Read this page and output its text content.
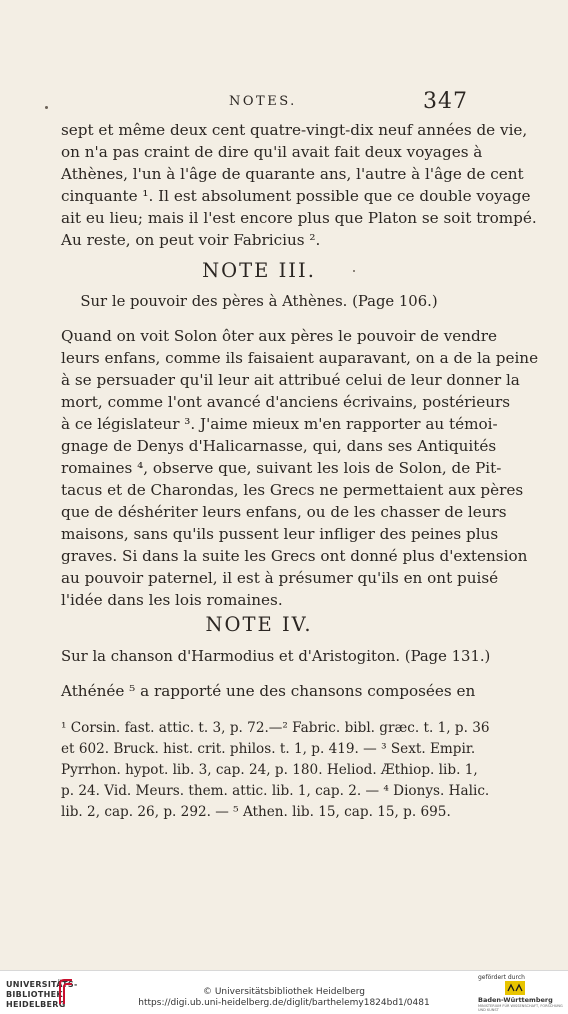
NOTES.	347
sept et même deux cent quatre-vingt-dix neuf années de vie,
on n'a pas craint de dire qu'il avait fait deux voyages à
Athènes, l'un à l'âge de quarante ans, l'autre à l'âge de cent
cinquante ¹. Il est absolument possible que ce double voyage
ait eu lieu; mais il l'est encore plus que Platon se soit trompé.
Au reste, on peut voir Fabricius ².
NOTE III.
Sur le pouvoir des pères à Athènes. (Page 106.)
Quand on voit Solon ôter aux pères le pouvoir de vendre
leurs enfans, comme ils faisaient auparavant, on a de la peine
à se persuader qu'il leur ait attribué celui de leur donner la
mort, comme l'ont avancé d'anciens écrivains, postérieurs
à ce législateur ³. J'aime mieux m'en rapporter au témoi-
gnage de Denys d'Halicarnasse, qui, dans ses Antiquités
romaines ⁴, observe que, suivant les lois de Solon, de Pit-
tacus et de Charondas, les Grecs ne permettaient aux pères
que de déshériter leurs enfans, ou de les chasser de leurs
maisons, sans qu'ils pussent leur infliger des peines plus
graves. Si dans la suite les Grecs ont donné plus d'extension
au pouvoir paternel, il est à présumer qu'ils en ont puisé
l'idée dans les lois romaines.
NOTE IV.
Sur la chanson d'Harmodius et d'Aristogiton. (Page 131.)
Athénée ⁵ a rapporté une des chansons composées en
¹ Corsin. fast. attic. t. 3, p. 72.—² Fabric. bibl. græc. t. 1, p. 36
et 602. Bruck. hist. crit. philos. t. 1, p. 419. — ³ Sext. Empir.
Pyrrhon. hypot. lib. 3, cap. 24, p. 180. Heliod. Æthiop. lib. 1,
p. 24. Vid. Meurs. them. attic. lib. 1, cap. 2. — ⁴ Dionys. Halic.
lib. 2, cap. 26, p. 292. — ⁵ Athen. lib. 15, cap. 15, p. 695.
UNIVERSITÄTS-
BIBLIOTHEK
HEIDELBERG
© Universitätsbibliothek Heidelberg
https://digi.ub.uni-heidelberg.de/diglit/barthelemy1824bd1/0481
gefördert durch
Baden-Württemberg
MINISTERIUM FÜR WISSENSCHAFT, FORSCHUNG UND KUNST
